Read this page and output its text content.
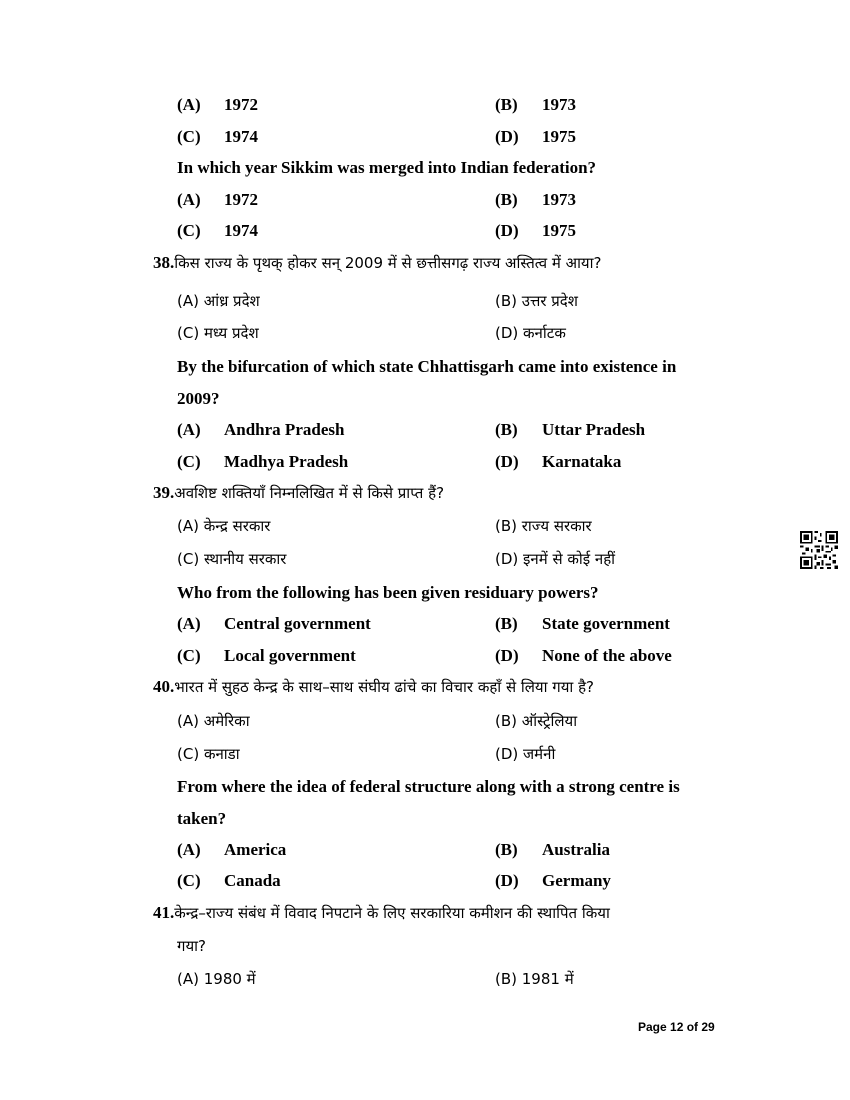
(A) 1972	(B) 1973
(C) 1974	(D) 1975
In which year Sikkim was merged into Indian federation?
(A) 1972	(B) 1973
(C) 1974	(D) 1975
38.किस राज्य के पृथक् होकर सन् 2009 में से छत्तीसगढ़ राज्य अस्तित्व में आया?
(A) आंध्र प्रदेश	(B) उत्तर प्रदेश
(C) मध्य प्रदेश	(D) कर्नाटक
By the bifurcation of which state Chhattisgarh came into existence in
2009?
(A) Andhra Pradesh	(B) Uttar Pradesh
(C) Madhya Pradesh	(D) Karnataka
39.अवशिष्ट शक्तियाँ निम्नलिखित में से किसे प्राप्त हैं?
(A) केन्द्र सरकार	(B) राज्य सरकार
(C) स्थानीय सरकार	(D) इनमें से कोई नहीं
Who from the following has been given residuary powers?
(A) Central government	(B) State government
(C) Local government	(D) None of the above
40.भारत में सुहठ केन्द्र के साथ–साथ संघीय ढांचे का विचार कहाँ से लिया गया है?
(A) अमेरिका	(B) ऑस्ट्रेलिया
(C) कनाडा	(D) जर्मनी
From where the idea of federal structure along with a strong centre is
taken?
(A) America	(B) Australia
(C) Canada	(D) Germany
41.केन्द्र–राज्य संबंध में विवाद निपटाने के लिए सरकारिया कमीशन की स्थापित किया
गया?
(A) 1980 में	(B) 1981 में
Page 12 of 29
